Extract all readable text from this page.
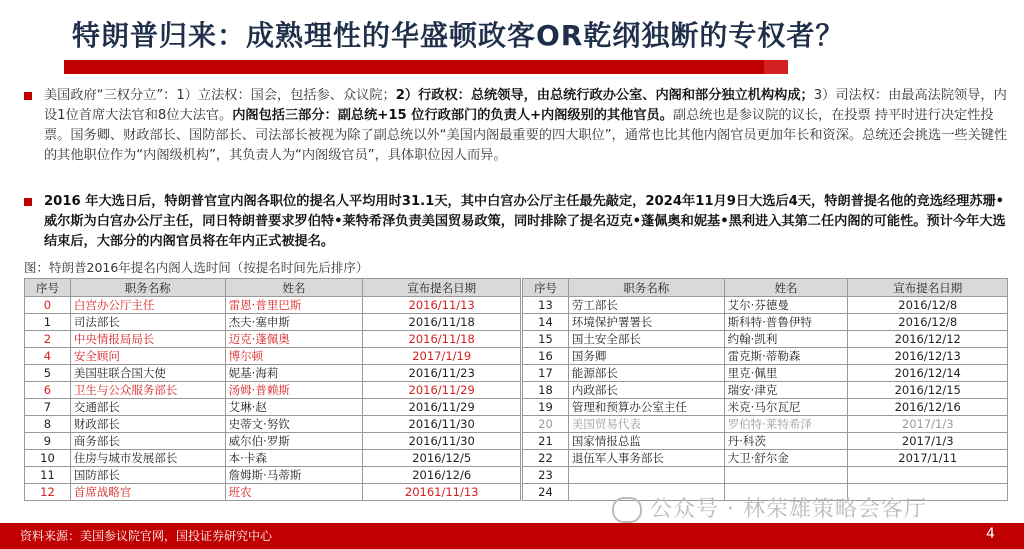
特朗普归来：成熟理性的华盛顿政客OR乾纲独断的专权者？
美国政府“三权分立”：1）立法权：国会，包括参、众议院；2）行政权：总统领导，由总统行政办公室、内阁和部分独立机构构成；3）司法权：由最高法院领导，内设1位首席大法官和8位大法官。内阁包括三部分：副总统+15 位行政部门的负责人+内阁级别的其他官员。副总统也是参议院的议长，在投票 持平时进行决定性投票。国务卿、财政部长、国防部长、司法部长被视为除了副总统以外“美国内阁最重要的四大职位”，通常也比其他内阁官员更加年长和资深。总统还会挑选一些关键性的其他职位作为“内阁级机构”，其负责人为“内阁级官员”，具体职位因人而异。
2016 年大选日后，特朗普官宣内阁各职位的提名人平均用时31.1天，其中白宫办公厅主任最先敲定，2024年11月9日大选后4天，特朗普提名他的竞选经理苏珊•威尔斯为白宫办公厅主任，同日特朗普要求罗伯特•莱特希泽负责美国贸易政策，同时排除了提名迈克•蓬佩奥和妮基•黑利进入其第二任内阁的可能性。预计今年大选结束后，大部分的内阁官员将在年内正式被提名。
图：特朗普2016年提名内阁人选时间（按提名时间先后排序）
序号	职务名称	姓名	宣布提名日期
0	白宫办公厅主任	雷恩·普里巴斯	2016/11/13
1	司法部长	杰夫·塞申斯	2016/11/18
2	中央情报局局长	迈克·蓬佩奥	2016/11/18
4	安全顾问	博尔顿	2017/1/19
5	美国驻联合国大使	妮基·海莉	2016/11/23
6	卫生与公众服务部长	汤姆·普赖斯	2016/11/29
7	交通部长	艾琳·赵	2016/11/29
8	财政部长	史蒂文·努钦	2016/11/30
9	商务部长	威尔伯·罗斯	2016/11/30
10	住房与城市发展部长	本·卡森	2016/12/5
11	国防部长	詹姆斯·马蒂斯	2016/12/6
12	首席战略官	班农	20161/11/13
序号	职务名称	姓名	宣布提名日期
13	劳工部长	艾尔·芬德曼	2016/12/8
14	环境保护署署长	斯科特·普鲁伊特	2016/12/8
15	国土安全部长	约翰·凯利	2016/12/12
16	国务卿	雷克斯·蒂勒森	2016/12/13
17	能源部长	里克·佩里	2016/12/14
18	内政部长	瑞安·津克	2016/12/15
19	管理和预算办公室主任	米克·马尔瓦尼	2016/12/16
20	美国贸易代表	罗伯特·莱特希泽	2017/1/3
21	国家情报总监	丹·科茨	2017/1/3
22	退伍军人事务部长	大卫·舒尔金	2017/1/11
23			
24			
公众号 · 林荣雄策略会客厅
资料来源：美国参议院官网，国投证券研究中心	4
